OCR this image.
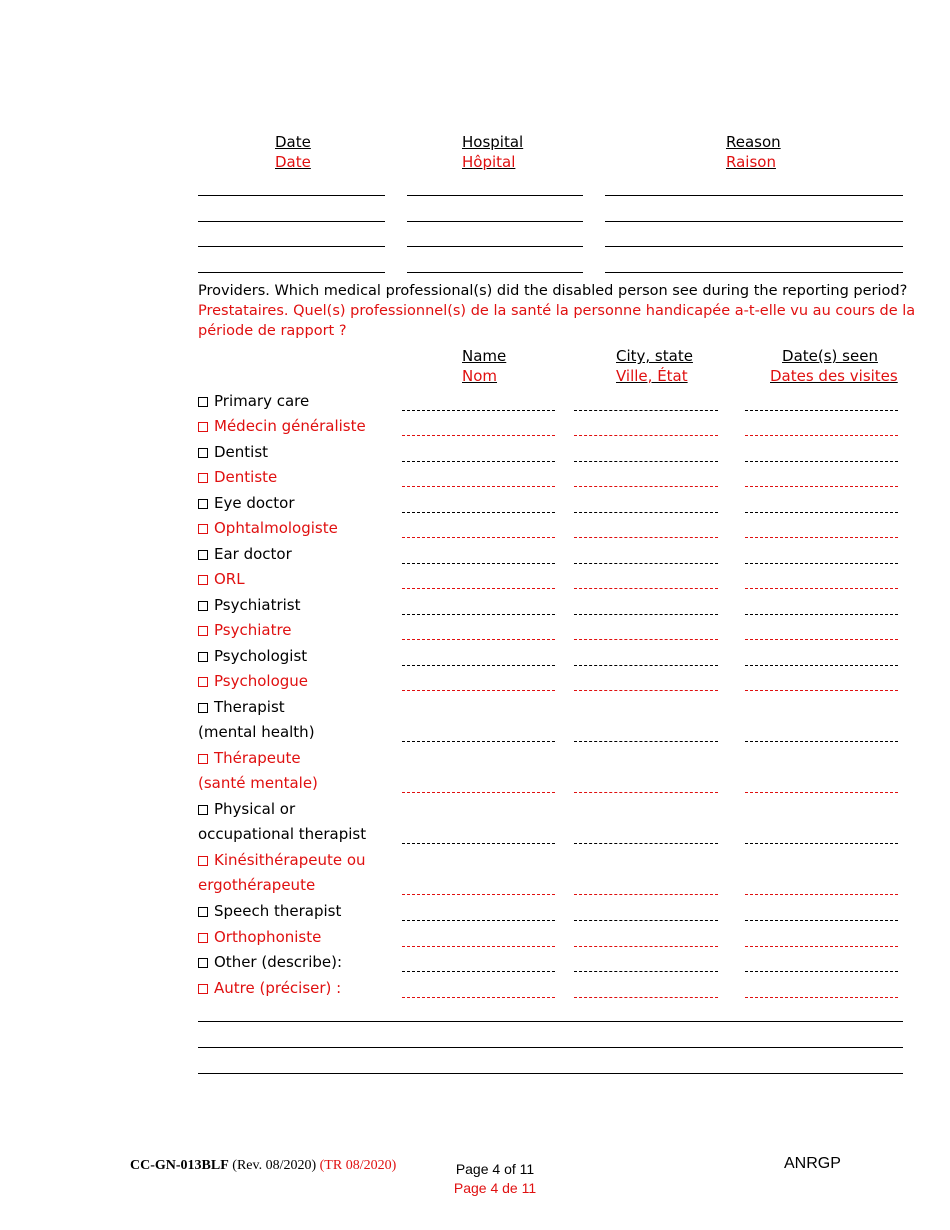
Date
Date
Hospital
Hôpital
Reason
Raison
Providers. Which medical professional(s) did the disabled person see during the reporting period?
Prestataires. Quel(s) professionnel(s) de la santé la personne handicapée a-t-elle vu au cours de la
période de rapport ?
Name
Nom
City, state
Ville, État
Date(s) seen
Dates des visites
Primary care
Médecin généraliste
Dentist
Dentiste
Eye doctor
Ophtalmologiste
Ear doctor
ORL
Psychiatrist
Psychiatre
Psychologist
Psychologue
Therapist
(mental health)
Thérapeute
(santé mentale)
Physical or
occupational therapist
Kinésithérapeute ou
ergothérapeute
Speech therapist
Orthophoniste
Other (describe):
Autre (préciser) :
CC-GN-013BLF (Rev. 08/2020) (TR 08/2020)	Page 4 of 11
Page 4 de 11
ANRGP
